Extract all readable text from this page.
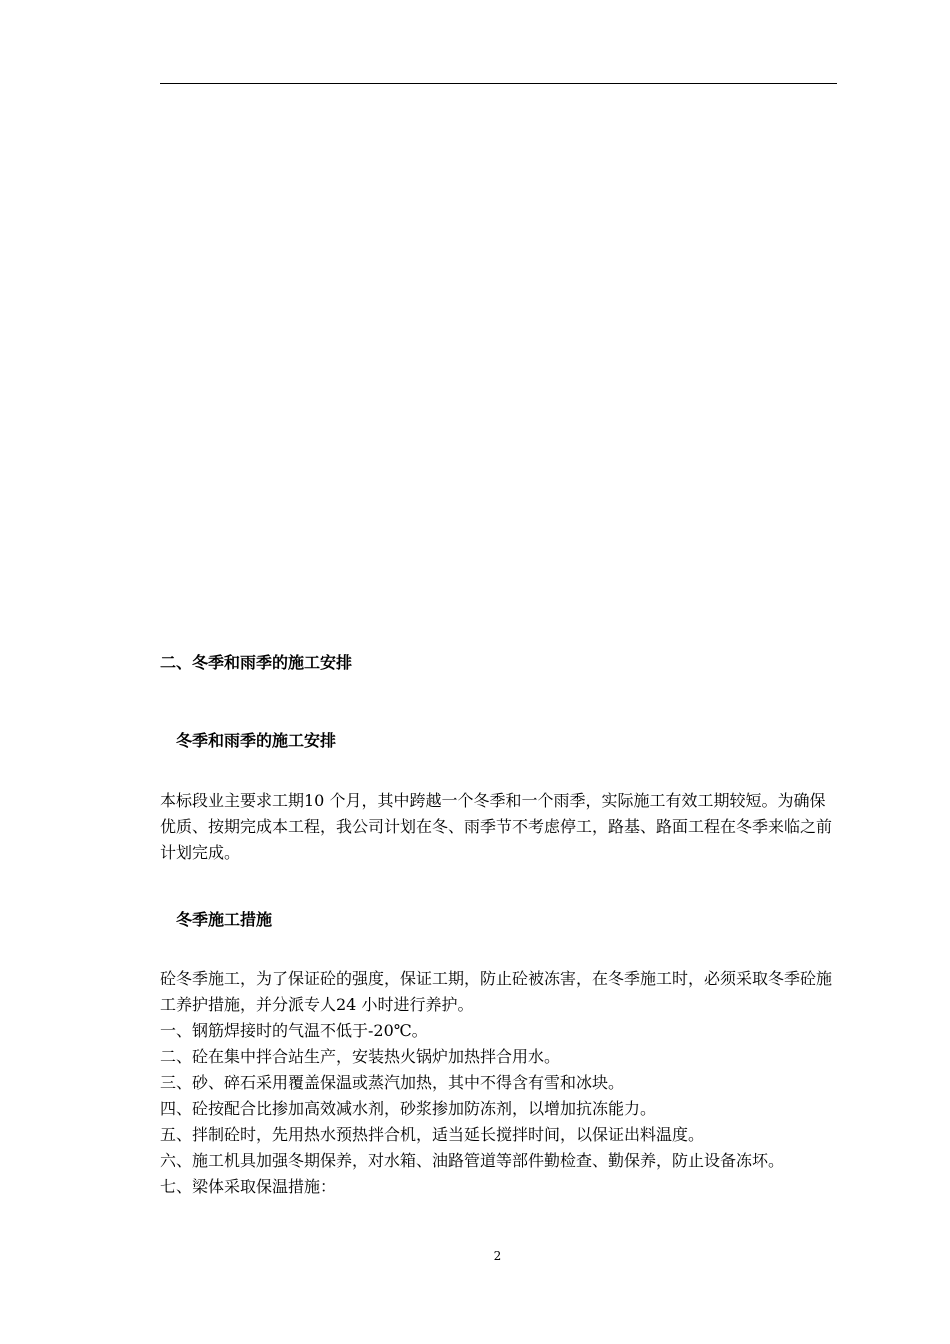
二、冬季和雨季的施工安排
冬季和雨季的施工安排

本标段业主要求工期10 个月，其中跨越一个冬季和一个雨季，实际施工有效工期较短。为确保优质、按期完成本工程，我公司计划在冬、雨季节不考虑停工，路基、路面工程在冬季来临之前计划完成。

冬季施工措施

砼冬季施工，为了保证砼的强度，保证工期，防止砼被冻害，在冬季施工时，必须采取冬季砼施工养护措施，并分派专人24 小时进行养护。

一、钢筋焊接时的气温不低于-20℃。
二、砼在集中拌合站生产，安装热火锅炉加热拌合用水。
三、砂、碎石采用覆盖保温或蒸汽加热，其中不得含有雪和冰块。
四、砼按配合比掺加高效减水剂，砂浆掺加防冻剂，以增加抗冻能力。
五、拌制砼时，先用热水预热拌合机，适当延长搅拌时间，以保证出料温度。
六、施工机具加强冬期保养，对水箱、油路管道等部件勤检查、勤保养，防止设备冻坏。
七、梁体采取保温措施：
2
